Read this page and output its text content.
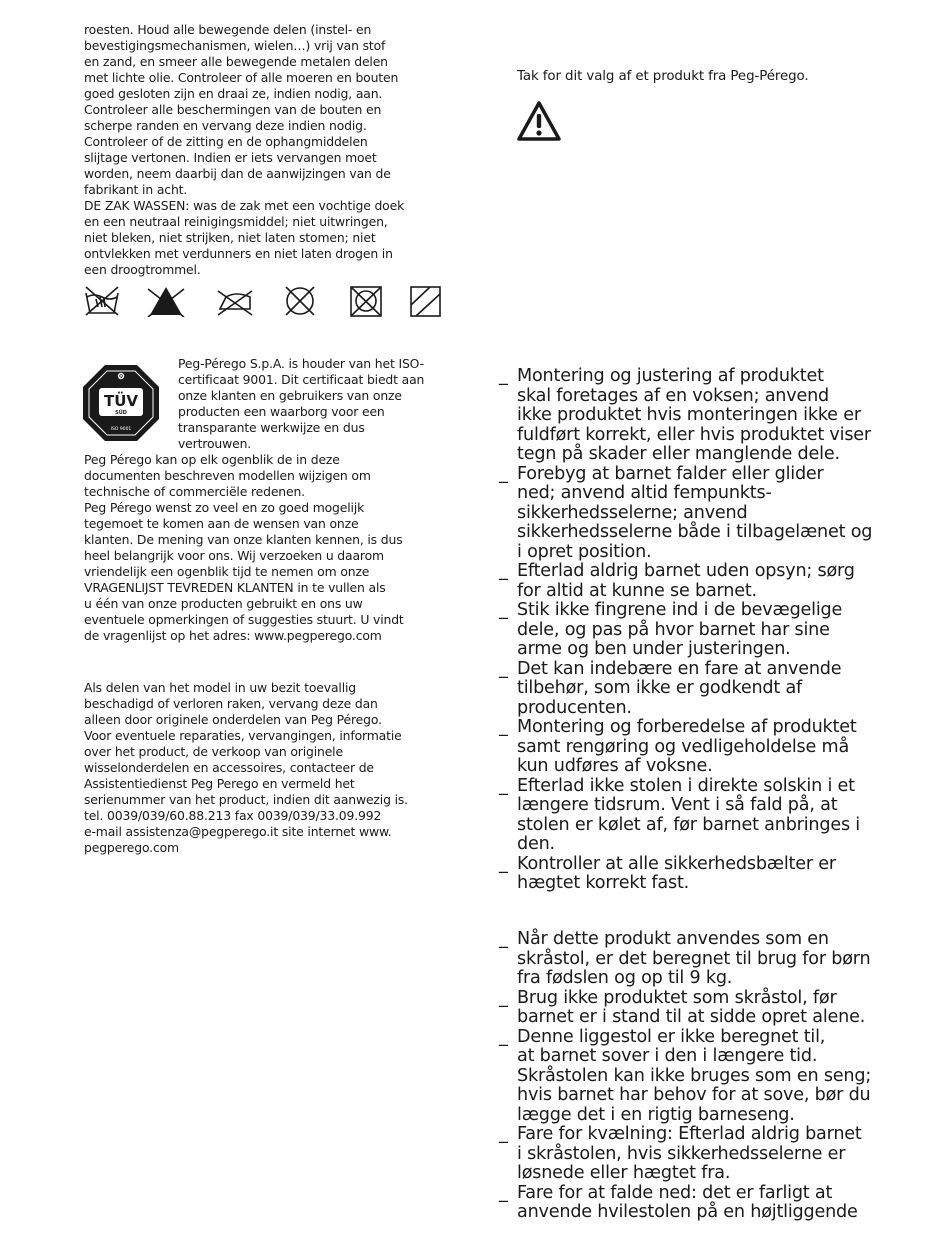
roesten. Houd alle bewegende delen (instel- en
bevestigingsmechanismen, wielen…) vrij van stof
en zand, en smeer alle bewegende metalen delen
met lichte olie. Controleer of alle moeren en bouten
goed gesloten zijn en draai ze, indien nodig, aan.
Controleer alle beschermingen van de bouten en
scherpe randen en vervang deze indien nodig.
Controleer of de zitting en de ophangmiddelen
slijtage vertonen. Indien er iets vervangen moet
worden, neem daarbij dan de aanwijzingen van de
fabrikant in acht.
DE ZAK WASSEN: was de zak met een vochtige doek
en een neutraal reinigingsmiddel; niet uitwringen,
niet bleken, niet strijken, niet laten stomen; niet
ontvlekken met verdunners en niet laten drogen in
een droogtrommel.

Q
TÜV
SÜD
ISO 9001
Peg-Pérego S.p.A. is houder van het ISO-
certificaat 9001. Dit certificaat biedt aan
onze klanten en gebruikers van onze
producten een waarborg voor een
transparante werkwijze en dus
vertrouwen.

Peg Pérego kan op elk ogenblik de in deze
documenten beschreven modellen wijzigen om
technische of commerciële redenen.
Peg Pérego wenst zo veel en zo goed mogelijk
tegemoet te komen aan de wensen van onze
klanten. De mening van onze klanten kennen, is dus
heel belangrijk voor ons. Wij verzoeken u daarom
vriendelijk een ogenblik tijd te nemen om onze
VRAGENLIJST TEVREDEN KLANTEN in te vullen als
u één van onze producten gebruikt en ons uw
eventuele opmerkingen of suggesties stuurt. U vindt
de vragenlijst op het adres: www.pegperego.com

Als delen van het model in uw bezit toevallig
beschadigd of verloren raken, vervang deze dan
alleen door originele onderdelen van Peg Pérego.
Voor eventuele reparaties, vervangingen, informatie
over het product, de verkoop van originele
wisselonderdelen en accessoires, contacteer de
Assistentiedienst Peg Perego en vermeld het
serienummer van het product, indien dit aanwezig is.
tel. 0039/039/60.88.213 fax 0039/039/33.09.992
e-mail assistenza@pegperego.it site internet www.
pegperego.com

Tak for dit valg af et produkt fra Peg-Pérego.
_ Montering og justering af produktet
skal foretages af en voksen; anvend
ikke produktet hvis monteringen ikke er
fuldført korrekt, eller hvis produktet viser
tegn på skader eller manglende dele.
_ Forebyg at barnet falder eller glider
ned; anvend altid fempunkts-
sikkerhedsselerne; anvend
sikkerhedsselerne både i tilbagelænet og
i opret position.
_ Efterlad aldrig barnet uden opsyn; sørg
for altid at kunne se barnet.
_ Stik ikke fingrene ind i de bevægelige
dele, og pas på hvor barnet har sine
arme og ben under justeringen.
_ Det kan indebære en fare at anvende
tilbehør, som ikke er godkendt af
producenten.
_ Montering og forberedelse af produktet
samt rengøring og vedligeholdelse må
kun udføres af voksne.
_ Efterlad ikke stolen i direkte solskin i et
længere tidsrum. Vent i så fald på, at
stolen er kølet af, før barnet anbringes i
den.
_ Kontroller at alle sikkerhedsbælter er
hægtet korrekt fast.
_ Når dette produkt anvendes som en
skråstol, er det beregnet til brug for børn
fra fødslen og op til 9 kg.
_ Brug ikke produktet som skråstol, før
barnet er i stand til at sidde opret alene.
_ Denne liggestol er ikke beregnet til,
at barnet sover i den i længere tid.
Skråstolen kan ikke bruges som en seng;
hvis barnet har behov for at sove, bør du
lægge det i en rigtig barneseng.
_ Fare for kvælning: Efterlad aldrig barnet
i skråstolen, hvis sikkerhedsselerne er
løsnede eller hægtet fra.
_ Fare for at falde ned: det er farligt at
anvende hvilestolen på en højtliggende
